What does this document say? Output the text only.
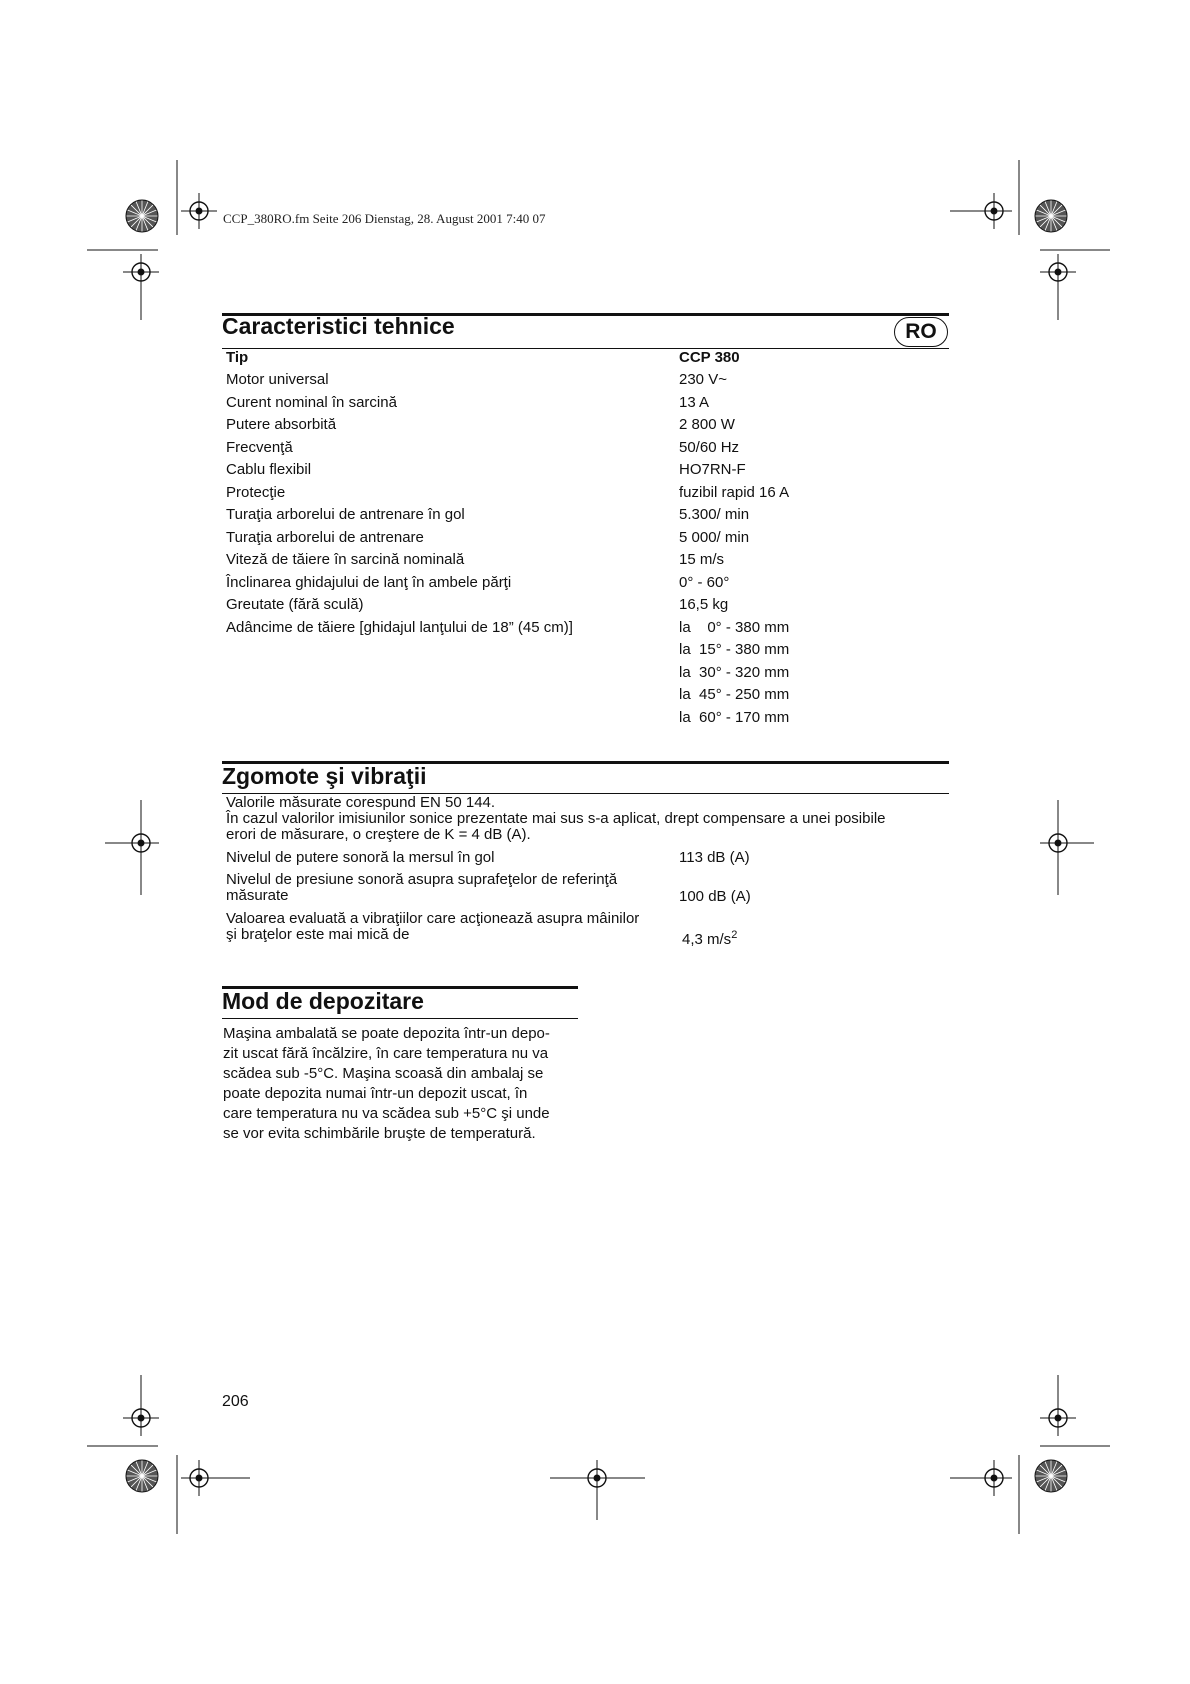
CCP_380RO.fm Seite 206 Dienstag, 28. August 2001 7:40 07
Caracteristici tehnice	RO
Tip	CCP 380
Motor universal	230 V~
Curent nominal în sarcină	13 A
Putere absorbită	2 800 W
Frecvenţă	50/60 Hz
Cablu flexibil	HO7RN-F
Protecţie	fuzibil rapid 16 A
Turaţia arborelui de antrenare în gol	5.300/ min
Turaţia arborelui de antrenare	5 000/ min
Viteză de tăiere în sarcină nominală	15 m/s
Înclinarea ghidajului de lanţ în ambele părţi	0° - 60°
Greutate (fără sculă)	16,5 kg
Adâncime de tăiere [ghidajul lanţului de 18” (45 cm)]	la    0° - 380 mm
la  15° - 380 mm
la  30° - 320 mm
la  45° - 250 mm
la  60° - 170 mm
Zgomote şi vibraţii
Valorile măsurate corespund EN 50 144.
În cazul valorilor imisiunilor sonice prezentate mai sus s-a aplicat, drept compensare a unei posibile
erori de măsurare, o creştere de K = 4 dB (A).
Nivelul de putere sonoră la mersul în gol	113 dB (A)
Nivelul de presiune sonoră asupra suprafeţelor de referinţă
măsurate	100 dB (A)
Valoarea evaluată a vibraţiilor care acţionează asupra mâinilor
şi braţelor este mai mică de	4,3 $m/s^2$
Mod de depozitare
Maşina ambalată se poate depozita într-un depo-
zit uscat fără încălzire, în care temperatura nu va
scădea sub -5°C. Maşina scoasă din ambalaj se
poate depozita numai într-un depozit uscat, în
care temperatura nu va scădea sub +5°C şi unde
se vor evita schimbările bruşte de temperatură.
206
